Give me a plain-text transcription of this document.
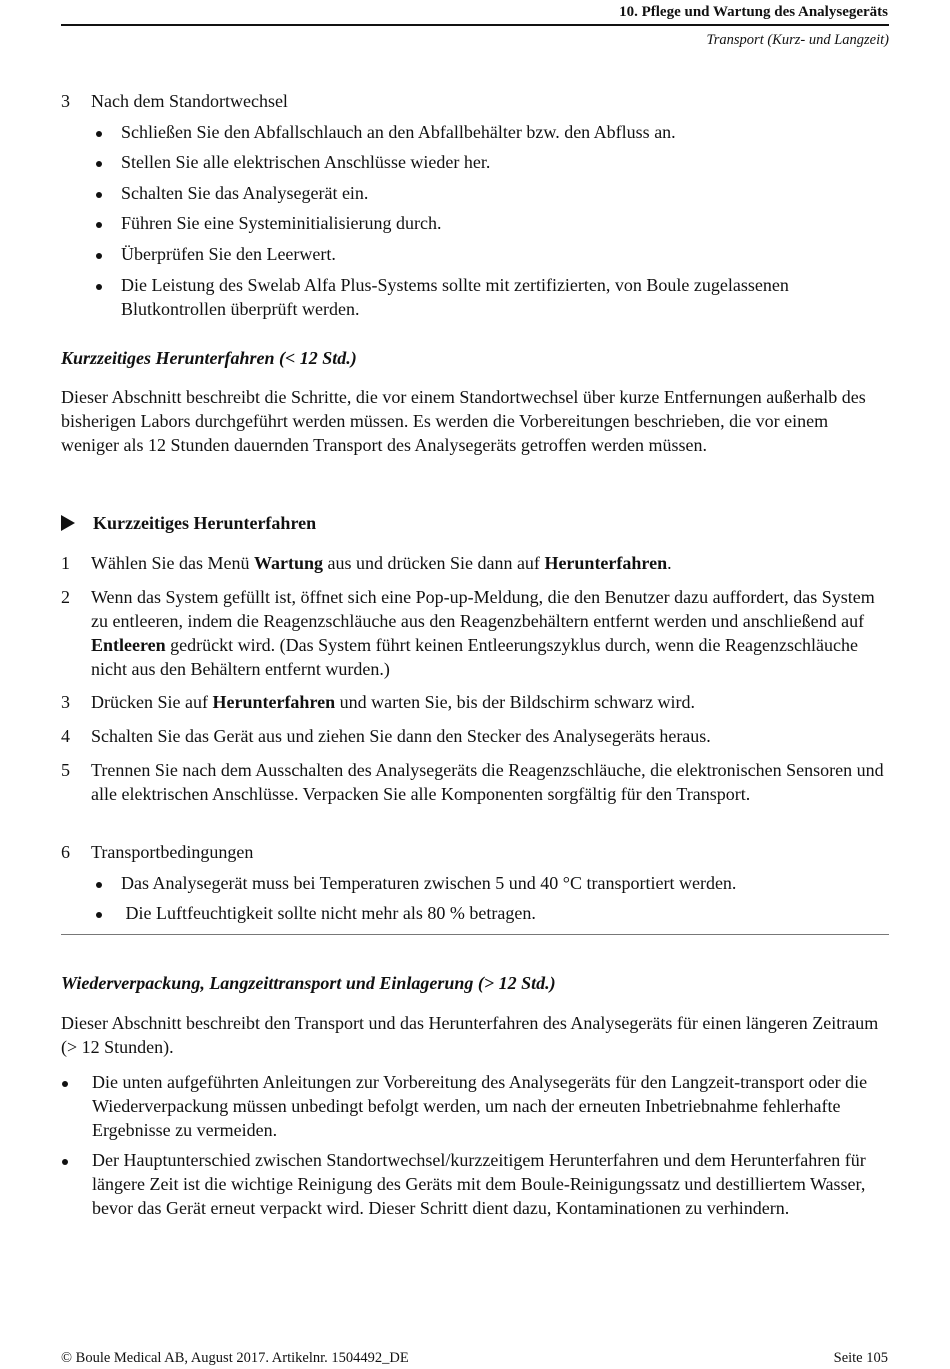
10. Pflege und Wartung des Analysegeräts
Transport (Kurz- und Langzeit)
3	Nach dem Standortwechsel
Schließen Sie den Abfallschlauch an den Abfallbehälter bzw. den Abfluss an.
Stellen Sie alle elektrischen Anschlüsse wieder her.
Schalten Sie das Analysegerät ein.
Führen Sie eine Systeminitialisierung durch.
Überprüfen Sie den Leerwert.
Die Leistung des Swelab Alfa Plus-Systems sollte mit zertifizierten, von Boule zugelassenen Blutkontrollen überprüft werden.
Kurzzeitiges Herunterfahren (< 12 Std.)
Dieser Abschnitt beschreibt die Schritte, die vor einem Standortwechsel über kurze Entfernungen außerhalb des bisherigen Labors durchgeführt werden müssen. Es werden die Vorbereitungen beschrieben, die vor einem weniger als 12 Stunden dauernden Transport des Analysegeräts getroffen werden müssen.
Kurzzeitiges Herunterfahren
1	Wählen Sie das Menü Wartung aus und drücken Sie dann auf Herunterfahren.
2	Wenn das System gefüllt ist, öffnet sich eine Pop-up-Meldung, die den Benutzer dazu auffordert, das System zu entleeren, indem die Reagenzschläuche aus den Reagenzbehältern entfernt werden und anschließend auf Entleeren gedrückt wird. (Das System führt keinen Entleerungszyklus durch, wenn die Reagenzschläuche nicht aus den Behältern entfernt wurden.)
3	Drücken Sie auf Herunterfahren und warten Sie, bis der Bildschirm schwarz wird.
4	Schalten Sie das Gerät aus und ziehen Sie dann den Stecker des Analysegeräts heraus.
5	Trennen Sie nach dem Ausschalten des Analysegeräts die Reagenzschläuche, die elektronischen Sensoren und alle elektrischen Anschlüsse. Verpacken Sie alle Komponenten sorgfältig für den Transport.
6	Transportbedingungen
Das Analysegerät muss bei Temperaturen zwischen 5 und 40 °C transportiert werden.
Die Luftfeuchtigkeit sollte nicht mehr als 80 % betragen.
Wiederverpackung, Langzeittransport und Einlagerung (> 12 Std.)
Dieser Abschnitt beschreibt den Transport und das Herunterfahren des Analysegeräts für einen längeren Zeitraum (> 12 Stunden).
Die unten aufgeführten Anleitungen zur Vorbereitung des Analysegeräts für den Langzeit-transport oder die Wiederverpackung müssen unbedingt befolgt werden, um nach der erneuten Inbetriebnahme fehlerhafte Ergebnisse zu vermeiden.
Der Hauptunterschied zwischen Standortwechsel/kurzzeitigem Herunterfahren und dem Herunterfahren für längere Zeit ist die wichtige Reinigung des Geräts mit dem Boule-Reinigungssatz und destilliertem Wasser, bevor das Gerät erneut verpackt wird. Dieser Schritt dient dazu, Kontaminationen zu verhindern.
© Boule Medical AB, August 2017. Artikelnr. 1504492_DE	Seite 105
